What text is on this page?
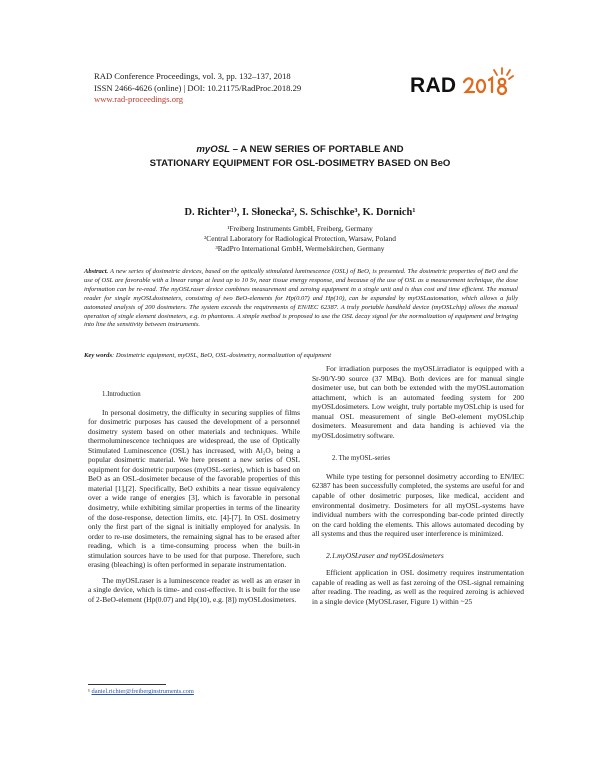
RAD Conference Proceedings, vol. 3, pp. 132–137, 2018
ISSN 2466-4626 (online) | DOI: 10.21175/RadProc.2018.29
www.rad-proceedings.org
RAD
myOSL – A NEW SERIES OF PORTABLE AND
STATIONARY EQUIPMENT FOR OSL-DOSIMETRY BASED ON BeO
D. Richter¹⁾, I. Słonecka², S. Schischke³, K. Dornich¹
¹Freiberg Instruments GmbH, Freiberg, Germany
²Central Laboratory for Radiological Protection, Warsaw, Poland
³RadPro International GmbH, Wermelskirchen, Germany
Abstract. A new series of dosimetric devices, based on the optically stimulated luminescence (OSL) of BeO, is presented. The dosimetric properties of BeO and the use of OSL are favorable with a linear range at least up to 10 Sv, near tissue energy response, and because of the use of OSL as a measurement technique, the dose information can be re-read. The myOSLraser device combines measurement and zeroing equipment in a single unit and is thus cost and time efficient. The manual reader for single myOSLdosimeters, consisting of two BeO-elements for Hp(0.07) and Hp(10), can be expanded by myOSLautomation, which allows a fully automated analysis of 200 dosimeters. The system exceeds the requirements of EN/IEC 62387. A truly portable handheld device (myOSLchip) allows the manual operation of single element dosimeters, e.g. in phantoms. A simple method is proposed to use the OSL decay signal for the normalization of equipment and bringing into line the sensitivity between instruments.
Key words: Dosimetric equipment, myOSL, BeO, OSL-dosimetry, normalization of equipment
1.Introduction

In personal dosimetry, the difficulty in securing supplies of films for dosimetric purposes has caused the development of a personnel dosimetry system based on other materials and techniques. While thermoluminescence techniques are widespread, the use of Optically Stimulated Luminescence (OSL) has increased, with Al₂O₃ being a popular dosimetric material. We here present a new series of OSL equipment for dosimetric purposes (myOSL-series), which is based on BeO as an OSL-dosimeter because of the favorable properties of this material [1],[2]. Specifically, BeO exhibits a near tissue equivalency over a wide range of energies [3], which is favorable in personal dosimetry, while exhibiting similar properties in terms of the linearity of the dose-response, detection limits, etc. [4]-[7]. In OSL dosimetry only the first part of the signal is initially employed for analysis. In order to re-use dosimeters, the remaining signal has to be erased after reading, which is a time-consuming process when the built-in stimulation sources have to be used for that purpose. Therefore, such erasing (bleaching) is often performed in separate instrumentation.

The myOSLraser is a luminescence reader as well as an eraser in a single device, which is time- and cost-effective. It is built for the use of 2-BeO-element (Hp(0.07) and Hp(10), e.g. [8]) myOSLdosimeters.

For irradiation purposes the myOSLirradiator is equipped with a Sr-90/Y-90 source (37 MBq). Both devices are for manual single dosimeter use, but can both be extended with the myOSLautomation attachment, which is an automated feeding system for 200 myOSLdosimeters. Low weight, truly portable myOSLchip is used for manual OSL measurement of single BeO-element myOSLchip dosimeters. Measurement and data handing is achieved via the myOSLdosimetry software.

2. The myOSL-series

While type testing for personnel dosimetry according to EN/IEC 62387 has been successfully completed, the systems are useful for and capable of other dosimetric purposes, like medical, accident and environmental dosimetry. Dosimeters for all myOSL-systems have individual numbers with the corresponding bar-code printed directly on the card holding the elements. This allows automated decoding by all systems and thus the required user interference is minimized.

2.1.myOSLraser and myOSLdosimeters

Efficient application in OSL dosimetry requires instrumentation capable of reading as well as fast zeroing of the OSL-signal remaining after reading. The reading, as well as the required zeroing is achieved in a single device (MyOSLraser, Figure 1) within ~25

¹ daniel.richter@freiberginstruments.com
